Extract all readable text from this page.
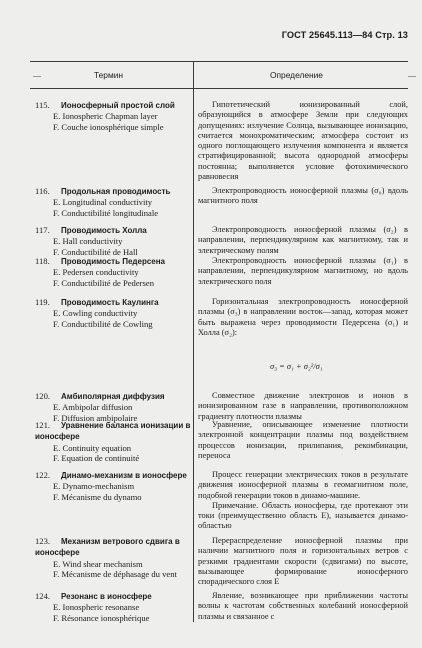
ГОСТ 25645.113—84 Стр. 13
—	—
Термин	Определение
115. Ионосферный простой слой
E. Ionospheric Chapman layer
F. Couche ionosphérique simple

Гипотетический ионизированный слой, образующийся в атмосфере Земли при следующих допущениях: излучение Солнца, вызывающее ионизацию, считается монохроматическим; атмосфера состоит из одного поглощающего излучения компонента и является стратифицированной; высота однородной атмосферы постоянна; выполняется условие фотохимического равновесия

116. Продольная проводимость
E. Longitudinal conductivity
F. Conductibilité longitudinale

Электропроводность ионосферной плазмы (σ₀) вдоль магнитного поля

117. Проводимость Холла
E. Hall conductivity
F. Conductibilité de Hall

Электропроводность ионосферной плазмы (σ₂) в направлении, перпендикулярном как магнитному, так и электрическому полям

118. Проводимость Педерсена
E. Pedersen conductivity
F. Conductibilité de Pedersen

Электропроводность ионосферной плазмы (σ₁) в направлении, перпендикулярном магнитному, но вдоль электрического поля

119. Проводимость Каулинга
E. Cowling conductivity
F. Conductibilité de Cowling

Горизонтальная электропроводность ионосферной плазмы (σ₃) в направлении восток—запад, которая может быть выражена через проводимости Педерсена (σ₁) и Холла (σ₂):

σ₃ = σ₁ + σ₂²/σ₁
120. Амбиполярная диффузия
E. Ambipolar diffusion
F. Diffusion ambipolaire

Совместное движение электронов и ионов в ионизированном газе в направлении, противоположном градиенту плотности плазмы

121. Уравнение баланса ионизации в ионосфере
E. Continuity equation
F. Equation de continuité

Уравнение, описывающее изменение плотности электронной концентрации плазмы под воздействием процессов ионизации, прилипания, рекомбинации, переноса

122. Динамо-механизм в ионосфере
E. Dynamo-mechanism
F. Mécanisme du dynamo

Процесс генерации электрических токов в результате движения ионосферной плазмы в геомагнитном поле, подобной генерации токов в динамо-машине.

Примечание. Область ионосферы, где протекают эти токи (преимущественно область E), называется динамо-областью

123. Механизм ветрового сдвига в ионосфере
E. Wind shear mechanism
F. Mécanisme de déphasage du vent

Перераспределение ионосферной плазмы при наличии магнитного поля и горизонтальных ветров с резкими градиентами скорости (сдвигами) по высоте, вызывающее формирование ионосферного спорадического слоя E

124. Резонанс в ионосфере
E. Ionospheric resonanse
F. Résonance ionosphérique

Явление, возникающее при приближении частоты волны к частотам собственных колебаний ионосферной плазмы и связанное с
